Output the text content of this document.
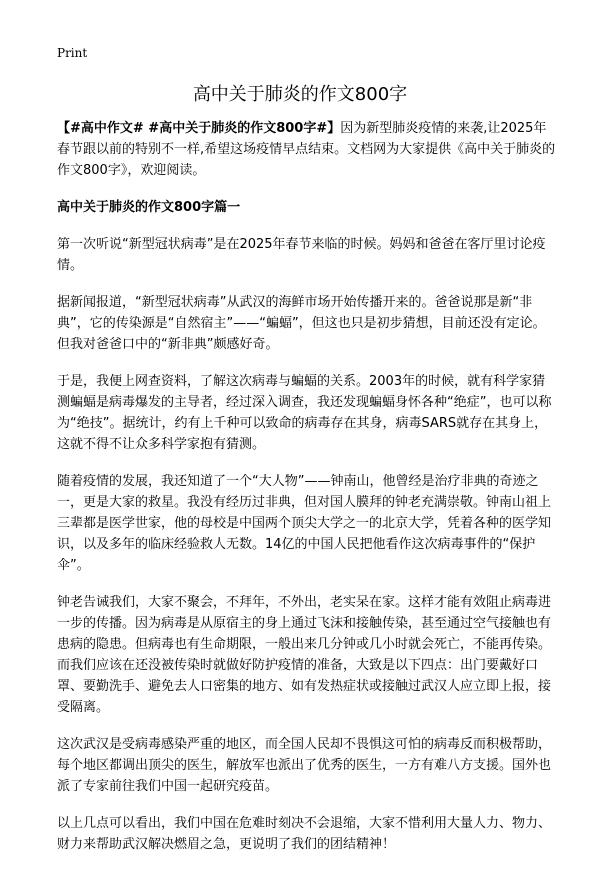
Print
高中关于肺炎的作文800字

【#高中作文# #高中关于肺炎的作文800字#】因为新型肺炎疫情的来袭,让2025年春节跟以前的特别不一样,希望这场疫情早点结束。文档网为大家提供《高中关于肺炎的作文800字》，欢迎阅读。

高中关于肺炎的作文800字篇一

第一次听说“新型冠状病毒”是在2025年春节来临的时候。妈妈和爸爸在客厅里讨论疫情。

据新闻报道，“新型冠状病毒”从武汉的海鲜市场开始传播开来的。爸爸说那是新“非典”，它的传染源是“自然宿主”——“蝙蝠”，但这也只是初步猜想，目前还没有定论。但我对爸爸口中的“新非典”颇感好奇。

于是，我便上网查资料，了解这次病毒与蝙蝠的关系。2003年的时候，就有科学家猜测蝙蝠是病毒爆发的主导者，经过深入调查，我还发现蝙蝠身怀各种“绝症”，也可以称为“绝技”。据统计，约有上千种可以致命的病毒存在其身，病毒SARS就存在其身上，这就不得不让众多科学家抱有猜测。

随着疫情的发展，我还知道了一个“大人物”——钟南山，他曾经是治疗非典的奇迹之一，更是大家的救星。我没有经历过非典，但对国人膜拜的钟老充满崇敬。钟南山祖上三辈都是医学世家，他的母校是中国两个顶尖大学之一的北京大学，凭着各种的医学知识，以及多年的临床经验救人无数。14亿的中国人民把他看作这次病毒事件的“保护伞”。

钟老告诫我们，大家不聚会，不拜年，不外出，老实呆在家。这样才能有效阻止病毒进一步的传播。因为病毒是从原宿主的身上通过飞沫和接触传染，甚至通过空气接触也有患病的隐患。但病毒也有生命期限，一般出来几分钟或几小时就会死亡，不能再传染。而我们应该在还没被传染时就做好防护疫情的准备，大致是以下四点：出门要戴好口罩、要勤洗手、避免去人口密集的地方、如有发热症状或接触过武汉人应立即上报，接受隔离。

这次武汉是受病毒感染严重的地区，而全国人民却不畏惧这可怕的病毒反而积极帮助，每个地区都调出顶尖的医生，解放军也派出了优秀的医生，一方有难八方支援。国外也派了专家前往我们中国一起研究疫苗。

以上几点可以看出，我们中国在危难时刻决不会退缩，大家不惜利用大量人力、物力、财力来帮助武汉解决燃眉之急，更说明了我们的团结精神！
